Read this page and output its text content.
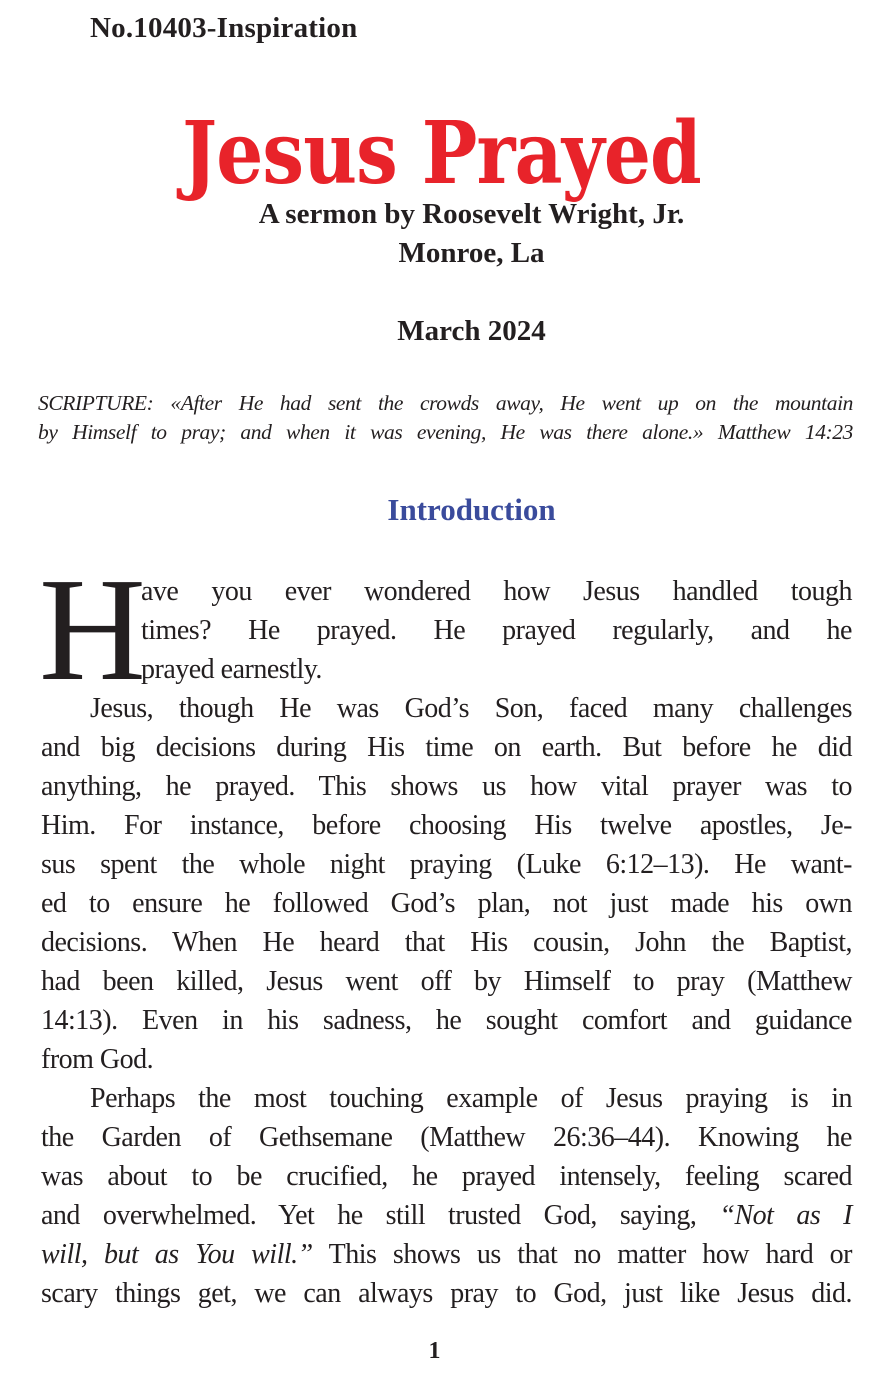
No.10403-Inspiration
Jesus Prayed
A sermon by Roosevelt Wright, Jr.
Monroe, La
March 2024
SCRIPTURE: «After He had sent the crowds away, He went up on the mountain
by Himself to pray; and when it was evening, He was there alone.» Matthew 14:23
Introduction
H
ave you ever wondered how Jesus handled tough
times? He prayed. He prayed regularly, and he
prayed earnestly.
Jesus, though He was God’s Son, faced many challenges
and big decisions during His time on earth. But before he did
anything, he prayed. This shows us how vital prayer was to
Him. For instance, before choosing His twelve apostles, Je-
sus spent the whole night praying (Luke 6:12–13). He want-
ed to ensure he followed God’s plan, not just made his own
decisions. When He heard that His cousin, John the Baptist,
had been killed, Jesus went off by Himself to pray (Matthew
14:13). Even in his sadness, he sought comfort and guidance
from God.
Perhaps the most touching example of Jesus praying is in
the Garden of Gethsemane (Matthew 26:36–44). Knowing he
was about to be crucified, he prayed intensely, feeling scared
and overwhelmed. Yet he still trusted God, saying, “Not as I
will, but as You will.” This shows us that no matter how hard or
scary things get, we can always pray to God, just like Jesus did.
1
